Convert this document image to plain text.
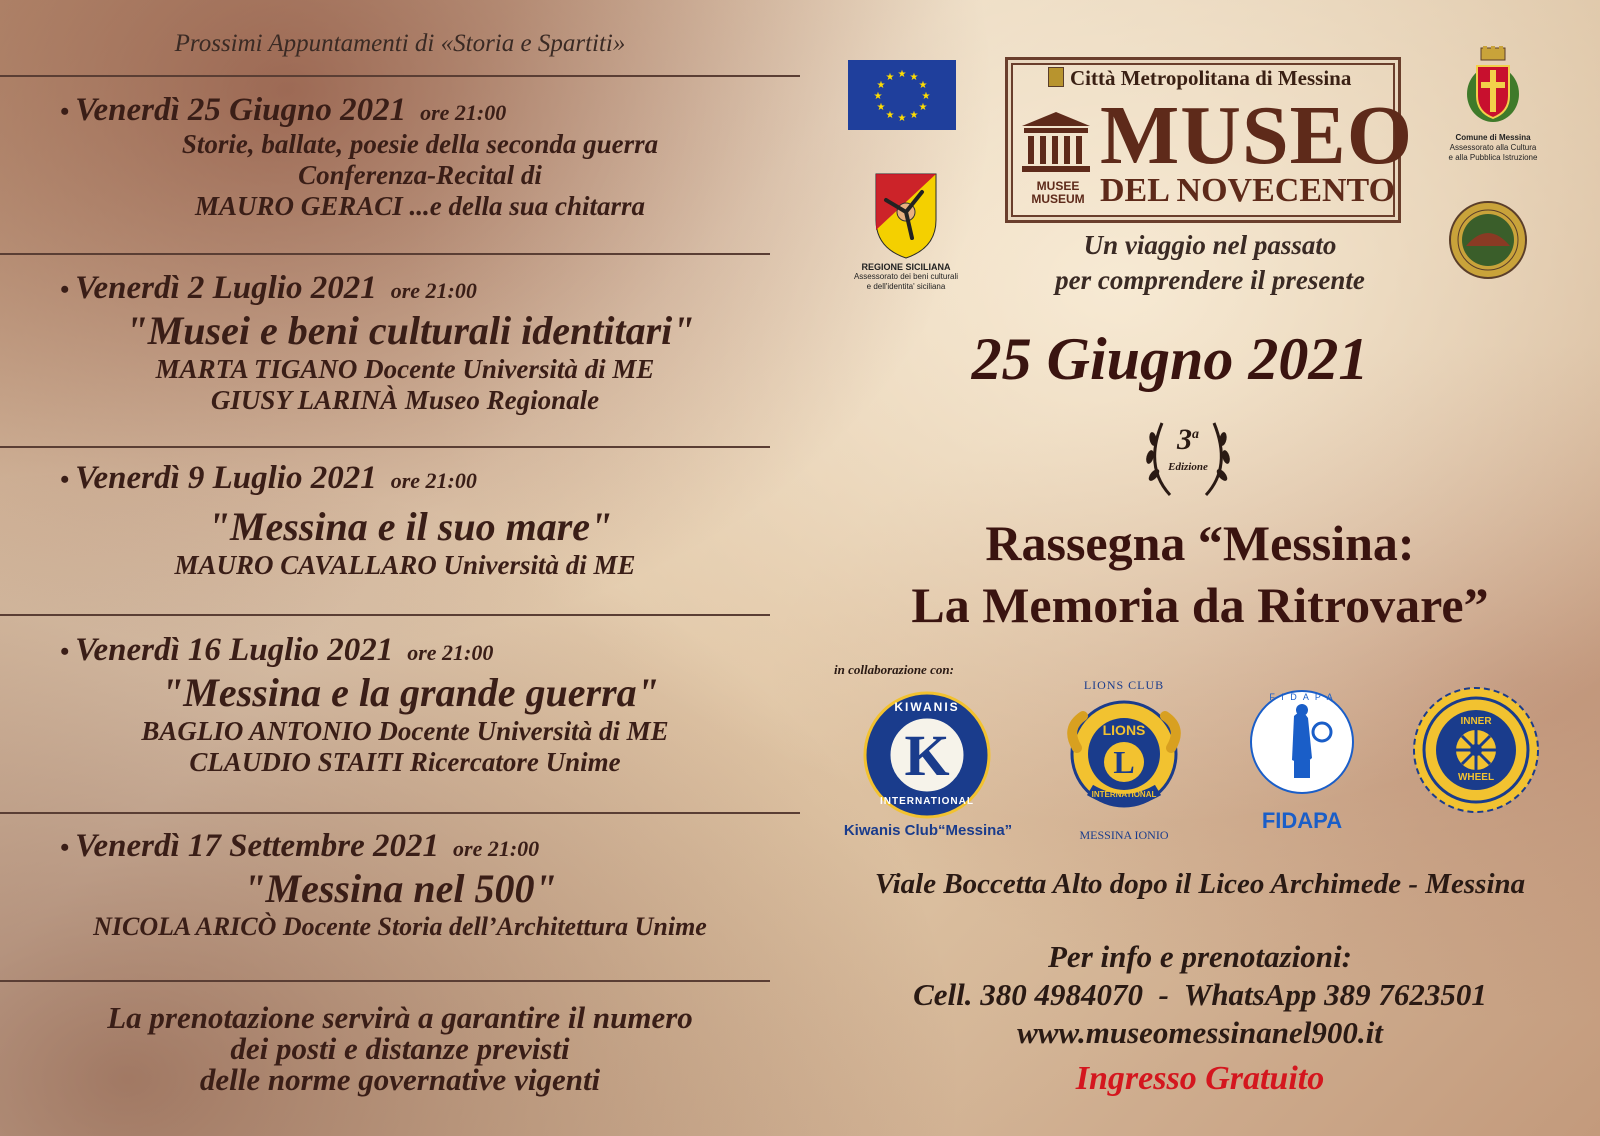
Prossimi Appuntamenti di «Storia e Spartiti»
• Venerdì 25 Giugno 2021 ore 21:00
Storie, ballate, poesie della seconda guerra
Conferenza-Recital di
MAURO GERACI ...e della sua chitarra
• Venerdì 2 Luglio 2021 ore 21:00
"Musei e beni culturali identitari"
MARTA TIGANO Docente Università di ME
GIUSY LARINÀ Museo Regionale
• Venerdì 9 Luglio 2021 ore 21:00
"Messina e il suo mare"
MAURO CAVALLARO Università di ME
• Venerdì 16 Luglio 2021 ore 21:00
"Messina e la grande guerra"
BAGLIO ANTONIO Docente Università di ME
CLAUDIO STAITI Ricercatore Unime
• Venerdì 17 Settembre 2021 ore 21:00
"Messina nel 500"
NICOLA ARICÒ Docente Storia dell’Architettura Unime
La prenotazione servirà a garantire il numero
dei posti e distanze previsti
delle norme governative vigenti
★ ★
★
★
★
★
★
★
★
★
★
★
REGIONE SICILIANA
Assessorato dei beni culturali
e dell'identita' siciliana
Città Metropolitana di Messina
MUSEE
MUSEUM
MUSEO
DEL NOVECENTO
Un viaggio nel passato
per comprendere il presente
Comune di Messina
Assessorato alla Cultura
e alla Pubblica Istruzione
25 Giugno 2021
3$^a$
Edizione
Rassegna “Messina:
La Memoria da Ritrovare”
in collaborazione con:
K
KIWANIS
INTERNATIONAL
Kiwanis Club“Messina”
LIONS CLUB
LIONS
L
INTERNATIONAL
MESSINA IONIO
F I D A P A
FIDAPA
INNER
WHEEL
Viale Boccetta Alto dopo il Liceo Archimede - Messina
Per info e prenotazioni:
Cell. 380 4984070  -  WhatsApp 389 7623501
www.museomessinanel900.it
Ingresso Gratuito
